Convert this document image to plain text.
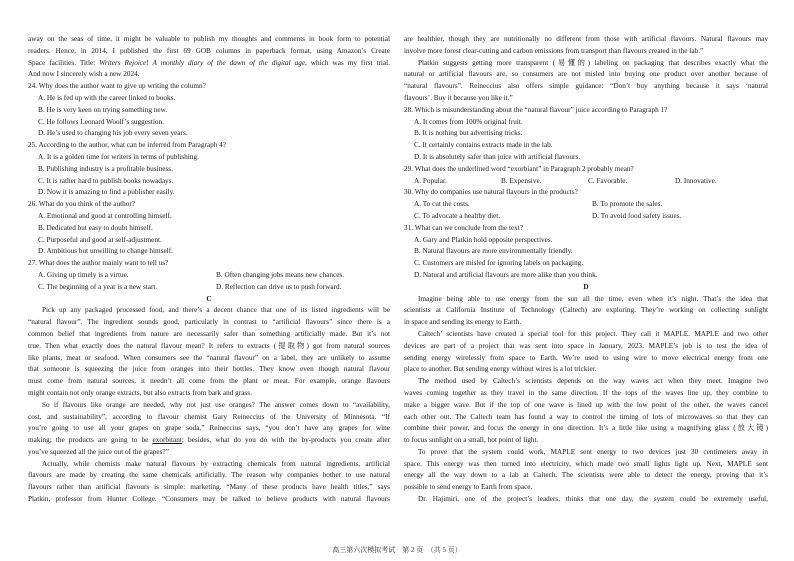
away on the seas of time, it might be valuable to publish my thoughts and comments in book form to potential

readers. Hence, in 2014, I published the first 69 GOB columns in paperback format, using Amazon’s Create

Space facilities. Title: Writers Rejoice! A monthly diary of the dawn of the digital age, which was my first trial.

And now I sincerely wish a new 2024.

24. Why does the author want to give up writing the column?

A. He is fed up with the career linked to books.

B. He is very keen on trying something new.

C. He follows Leonard Woolf’s suggestion.

D. He’s used to changing his job every seven years.

25. According to the author, what can be inferred from Paragraph 4?

A. It is a golden time for writers in terms of publishing.

B. Publishing industry is a profitable business.

C. It is rather hard to publish books nowadays.

D. Now it is amazing to find a publisher easily.

26. What do you think of the author?

A. Emotional and good at controlling himself.

B. Dedicated but easy to doubt himself.

C. Purposeful and good at self-adjustment.

D. Ambitious but unwilling to change himself.

27. What does the author mainly want to tell us?

A. Giving up timely is a virtue.	B. Often changing jobs means new chances.
C. The beginning of a year is a new start.	D. Reflection can drive us to push forward.

C

Pick up any packaged processed food, and there’s a decent chance that one of its listed ingredients will be

“natural flavour”. The ingredient sounds good, particularly in contrast to “artificial flavours” since there is a

common belief that ingredients from nature are necessarily safer than something artificially made. But it’s not

true. Then what exactly does the natural flavour mean? It refers to extracts (提取物) got from natural sources

like plants, meat or seafood. When consumers see the “natural flavour” on a label, they are unlikely to assume

that someone is squeezing the juice from oranges into their bottles. They know even though natural flavour

must come from natural sources, it needn’t all come from the plant or meat. For example, orange flavours

might contain not only orange extracts, but also extracts from bark and grass.

So if flavours like orange are needed, why not just use oranges? The answer comes down to “availability,

cost, and sustainability”, according to flavour chemist Gary Reineccius of the University of Minnesota. “If

you’re going to use all your grapes on grape soda,” Reineccius says, “you don’t have any grapes for wine

making; the products are going to be exorbitant; besides, what do you do with the by-products you create after

you’ve squeezed all the juice out of the grapes?”

Actually, while chemists make natural flavours by extracting chemicals from natural ingredients, artificial

flavours are made by creating the same chemicals artificially. The reason why companies bother to use natural

flavours rather than artificial flavours is simple: marketing. “Many of these products have health titles,” says

Platkin, professor from Hunter College. “Consumers may be talked to believe products with natural flavours

are healthier, though they are nutritionally no different from those with artificial flavours. Natural flavours may

involve more forest clear-cutting and carbon emissions from transport than flavours created in the lab.”

Platkin suggests getting more transparent (易懂的) labeling on packaging that describes exactly what the

natural or artificial flavours are, so consumers are not misled into buying one product over another because of

“natural flavours”. Reineccius also offers simple guidance: “Don’t buy anything because it says ‘natural

flavours’. Buy it because you like it.”

28. Which is misunderstanding about the “natural flavour” juice according to Paragraph 1?

A. It comes from 100% original fruit.

B. It is nothing but advertising tricks.

C. It certainly contains extracts made in the lab.

D. It is absolutely safer than juice with artificial flavours.

29. What does the underlined word “exorbiant” in Paragraph 2 probably mean?

A. Popular.	B. Expensive.	C. Favorable.	D. Innovative.

30. Why do companies use natural flavours in the products?

A. To cut the costs.	B. To promote the sales.
C. To advocate a healthy diet.	D. To avoid food safety issues.

31. What can we conclude from the text?

A. Gary and Platkin hold opposite perspectives.

B. Natural flavours are more environmentally friendly.

C. Customers are misled for ignoring labels on packaging.

D. Natural and artificial flavours are more alike than you think.

D

Imagine being able to use energy from the sun all the time, even when it’s night. That’s the idea that

scientists at California Institute of Technology (Caltech) are exploring. They’re working on collecting sunlight

in space and sending its energy to Earth.

Caltech’ scientists have created a special tool for this project. They call it MAPLE. MAPLE and two other

devices are part of a project that was sent into space in January, 2023. MAPLE’s job is to test the idea of

sending energy wirelessly from space to Earth. We’re used to using wire to move electrical energy from one

place to another. But sending energy without wires is a lot trickier.

The method used by Caltech’s scientists depends on the way waves act when they meet. Imagine two

waves coming together as they travel in the same direction. If the tops of the waves line up, they combine to

make a bigger wave. But if the top of one wave is lined up with the low point of the other, the waves cancel

each other out. The Caltech team has found a way to control the timing of lots of microwaves so that they can

combine their power, and focus the energy in one direction. It’s a little like using a magnifying glass (放大镜)

to focus sunlight on a small, hot point of light.

To prove that the system could work, MAPLE sent energy to two devices just 30 centimeters away in

space. This energy was then turned into electricity, which made two small lights light up. Next, MAPLE sent

energy all the way down to a lab at Caltech. The scientists were able to detect the energy, proving that it’s

possible to send energy to Earth from space.

Dr. Hajimiri, one of the project’s leaders, thinks that one day, the system could be extremely useful,

高三第六次模拟考试　第 2 页　（共 5 页）
